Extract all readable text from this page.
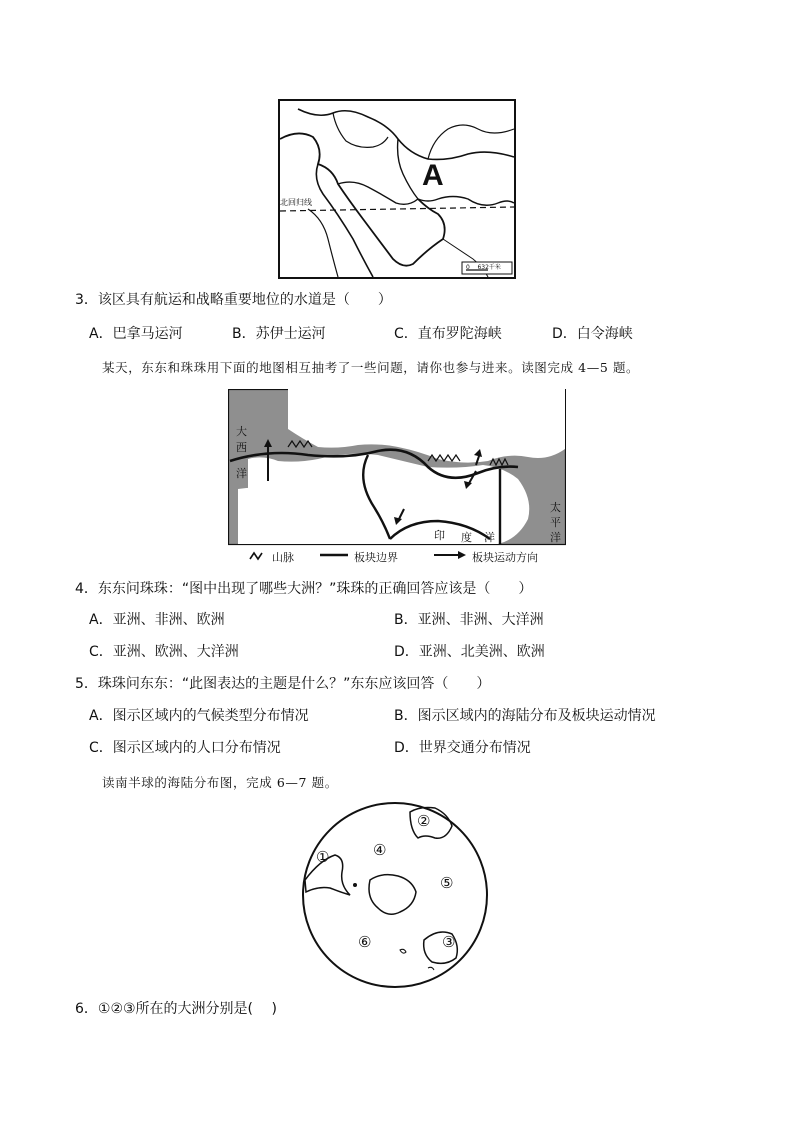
A
北回归线
0    632千米
3．该区具有航运和战略重要地位的水道是（　　）
A．巴拿马运河	B．苏伊士运河	C．直布罗陀海峡	D．白令海峡
某天，东东和珠珠用下面的地图相互抽考了一些问题，请你也参与进来。读图完成 4—5 题。
大
西
洋
太
平
洋
印 度 洋
山脉	板块边界	板块运动方向
4．东东问珠珠：“图中出现了哪些大洲？”珠珠的正确回答应该是（　　）
A．亚洲、非洲、欧洲	B．亚洲、非洲、大洋洲
C．亚洲、欧洲、大洋洲	D．亚洲、北美洲、欧洲
5．珠珠问东东：“此图表达的主题是什么？”东东应该回答（　　）
A．图示区域内的气候类型分布情况	B．图示区域内的海陆分布及板块运动情况
C．图示区域内的人口分布情况	D．世界交通分布情况
读南半球的海陆分布图，完成 6—7 题。
①
②
③
④
⑤
⑥
6．①②③所在的大洲分别是(　 )
